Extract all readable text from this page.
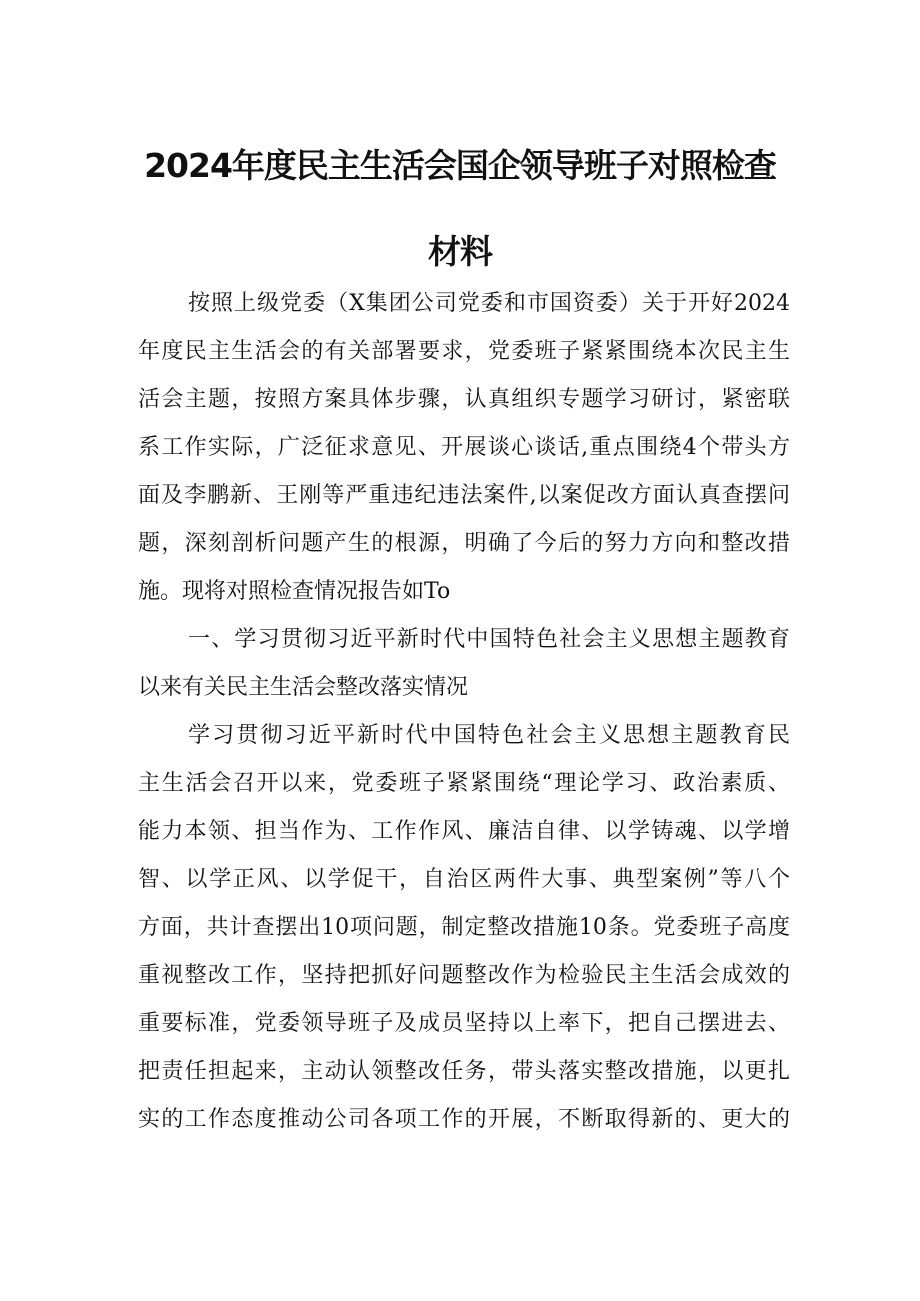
2024年度民主生活会国企领导班子对照检查
材料
按照上级党委（X集团公司党委和市国资委）关于开好2024
年度民主生活会的有关部署要求，党委班子紧紧围绕本次民主生
活会主题，按照方案具体步骤，认真组织专题学习研讨，紧密联
系工作实际，广泛征求意见、开展谈心谈话,重点围绕4个带头方
面及李鹏新、王刚等严重违纪违法案件,以案促改方面认真查摆问
题，深刻剖析问题产生的根源，明确了今后的努力方向和整改措
施。现将对照检查情况报告如To
一、学习贯彻习近平新时代中国特色社会主义思想主题教育
以来有关民主生活会整改落实情况
学习贯彻习近平新时代中国特色社会主义思想主题教育民
主生活会召开以来，党委班子紧紧围绕“理论学习、政治素质、
能力本领、担当作为、工作作风、廉洁自律、以学铸魂、以学增
智、以学正风、以学促干，自治区两件大事、典型案例”等八个
方面，共计查摆出10项问题，制定整改措施10条。党委班子高度
重视整改工作，坚持把抓好问题整改作为检验民主生活会成效的
重要标准，党委领导班子及成员坚持以上率下，把自己摆进去、
把责任担起来，主动认领整改任务，带头落实整改措施，以更扎
实的工作态度推动公司各项工作的开展，不断取得新的、更大的
